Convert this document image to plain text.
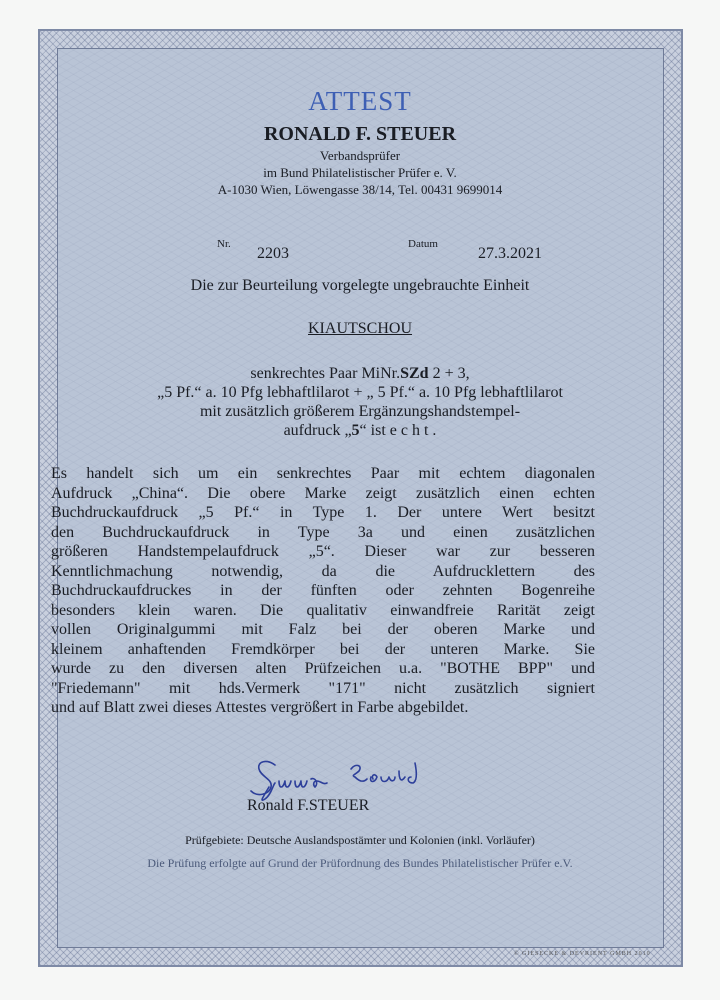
ATTEST
RONALD F. STEUER
Verbandsprüfer
im Bund Philatelistischer Prüfer e. V.
A-1030 Wien, Löwengasse 38/14, Tel. 00431 9699014
Nr.
2203
Datum
27.3.2021
Die zur Beurteilung vorgelegte ungebrauchte Einheit
KIAUTSCHOU
senkrechtes Paar MiNr.SZd 2 + 3,
„5 Pf.“ a. 10 Pfg lebhaftlilarot + „ 5 Pf.“ a. 10 Pfg lebhaftlilarot
mit zusätzlich größerem Ergänzungshandstempel-
aufdruck „5“ ist e c h t .
Es handelt sich um ein senkrechtes Paar mit echtem diagonalen
Aufdruck „China“. Die obere Marke zeigt zusätzlich einen echten
Buchdruckaufdruck „5 Pf.“ in Type 1. Der untere Wert besitzt
den Buchdruckaufdruck in Type 3a und einen zusätzlichen
größeren Handstempelaufdruck „5“. Dieser war zur besseren
Kenntlichmachung notwendig, da die Aufdrucklettern des
Buchdruckaufdruckes in der fünften oder zehnten Bogenreihe
besonders klein waren. Die qualitativ einwandfreie Rarität zeigt
vollen Originalgummi mit Falz bei der oberen Marke und
kleinem anhaftenden Fremdkörper bei der unteren Marke. Sie
wurde zu den diversen alten Prüfzeichen u.a. "BOTHE BPP" und
"Friedemann" mit hds.Vermerk "171" nicht zusätzlich signiert
und auf Blatt zwei dieses Attestes vergrößert in Farbe abgebildet.
Ronald F.STEUER
Prüfgebiete: Deutsche Auslandspostämter und Kolonien (inkl. Vorläufer)
Die Prüfung erfolgte auf Grund der Prüfordnung des Bundes Philatelistischer Prüfer e.V.
© GIESECKE & DEVRIENT GMBH 2010
